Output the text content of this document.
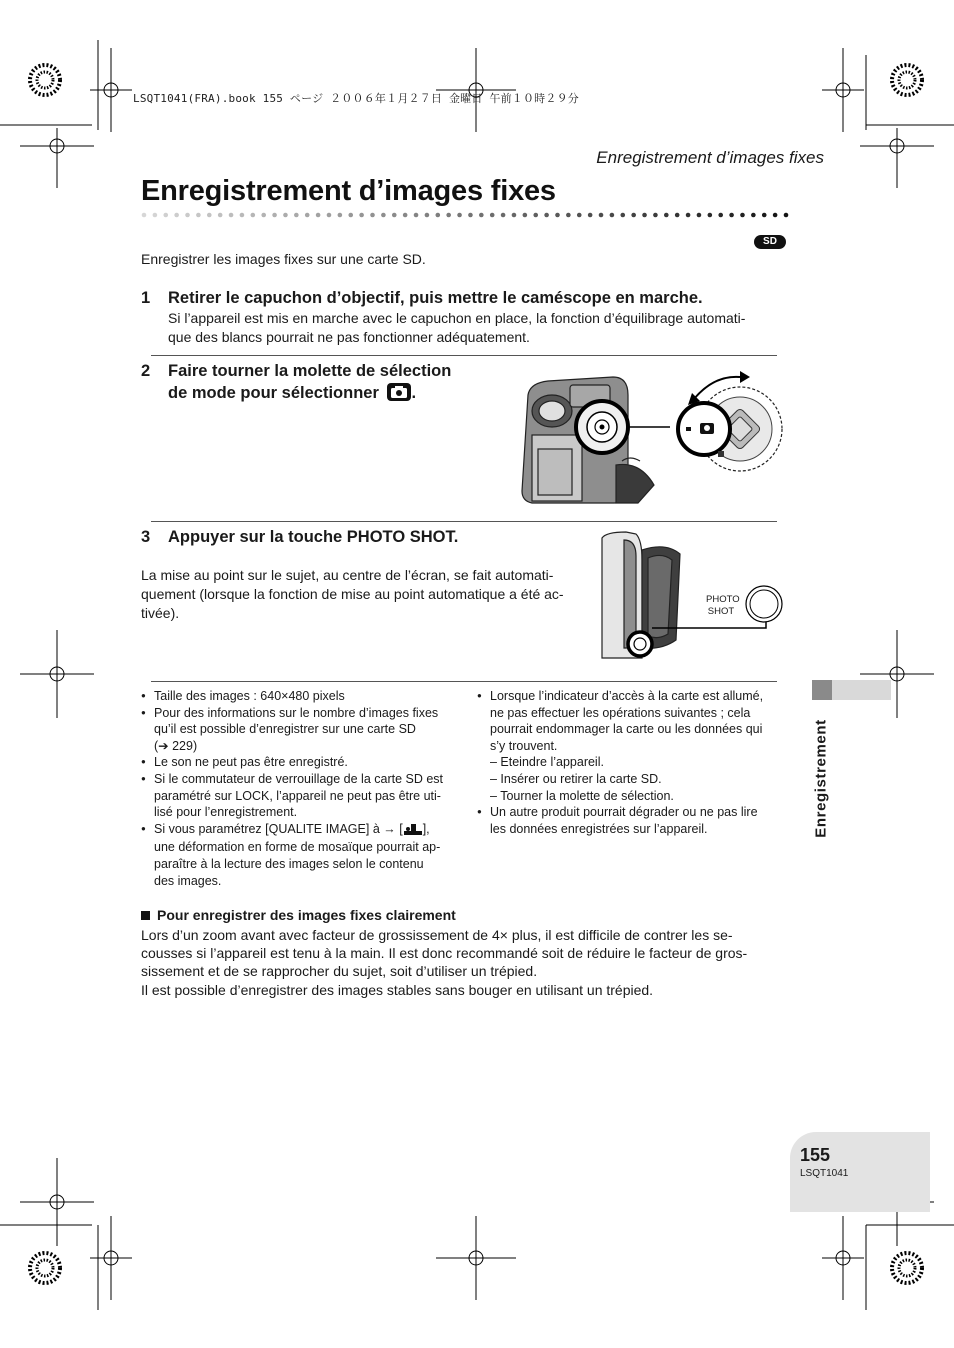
LSQT1041(FRA).book 155 ページ ２００６年１月２７日 金曜日 午前１０時２９分
Enregistrement d’images fixes
Enregistrement d’images fixes
SD
Enregistrer les images fixes sur une carte SD.
1 Retirer le capuchon d’objectif, puis mettre le caméscope en marche.
Si l’appareil est mis en marche avec le capuchon en place, la fonction d’équilibrage automati-
que des blancs pourrait ne pas fonctionner adéquatement.
2 Faire tourner la molette de sélection
de mode pour sélectionner .
3 Appuyer sur la touche PHOTO SHOT.
La mise au point sur le sujet, au centre de l’écran, se fait automati-
quement (lorsque la fonction de mise au point automatique a été ac-
tivée).
PHOTO
SHOT
● Taille des images : 640×480 pixels
● Pour des informations sur le nombre d’images fixes
qu’il est possible d’enregistrer sur une carte SD
(➔ 229)
● Le son ne peut pas être enregistré.
● Si le commutateur de verrouillage de la carte SD est
paramétré sur LOCK, l’appareil ne peut pas être uti-
lisé pour l’enregistrement.
● Si vous paramétrez [QUALITE IMAGE] à → [ ],
une déformation en forme de mosaïque pourrait ap-
paraître à la lecture des images selon le contenu
des images.
● Lorsque l’indicateur d’accès à la carte est allumé,
ne pas effectuer les opérations suivantes ; cela
pourrait endommager la carte ou les données qui
s’y trouvent.
– Eteindre l’appareil.
– Insérer ou retirer la carte SD.
– Tourner la molette de sélection.
● Un autre produit pourrait dégrader ou ne pas lire
les données enregistrées sur l’appareil.	Enregistrement
Pour enregistrer des images fixes clairement
Lors d’un zoom avant avec facteur de grossissement de 4× plus, il est difficile de contrer les se-
cousses si l’appareil est tenu à la main. Il est donc recommandé soit de réduire le facteur de gros-
sissement et de se rapprocher du sujet, soit d’utiliser un trépied.
Il est possible d’enregistrer des images stables sans bouger en utilisant un trépied.
155
LSQT1041
